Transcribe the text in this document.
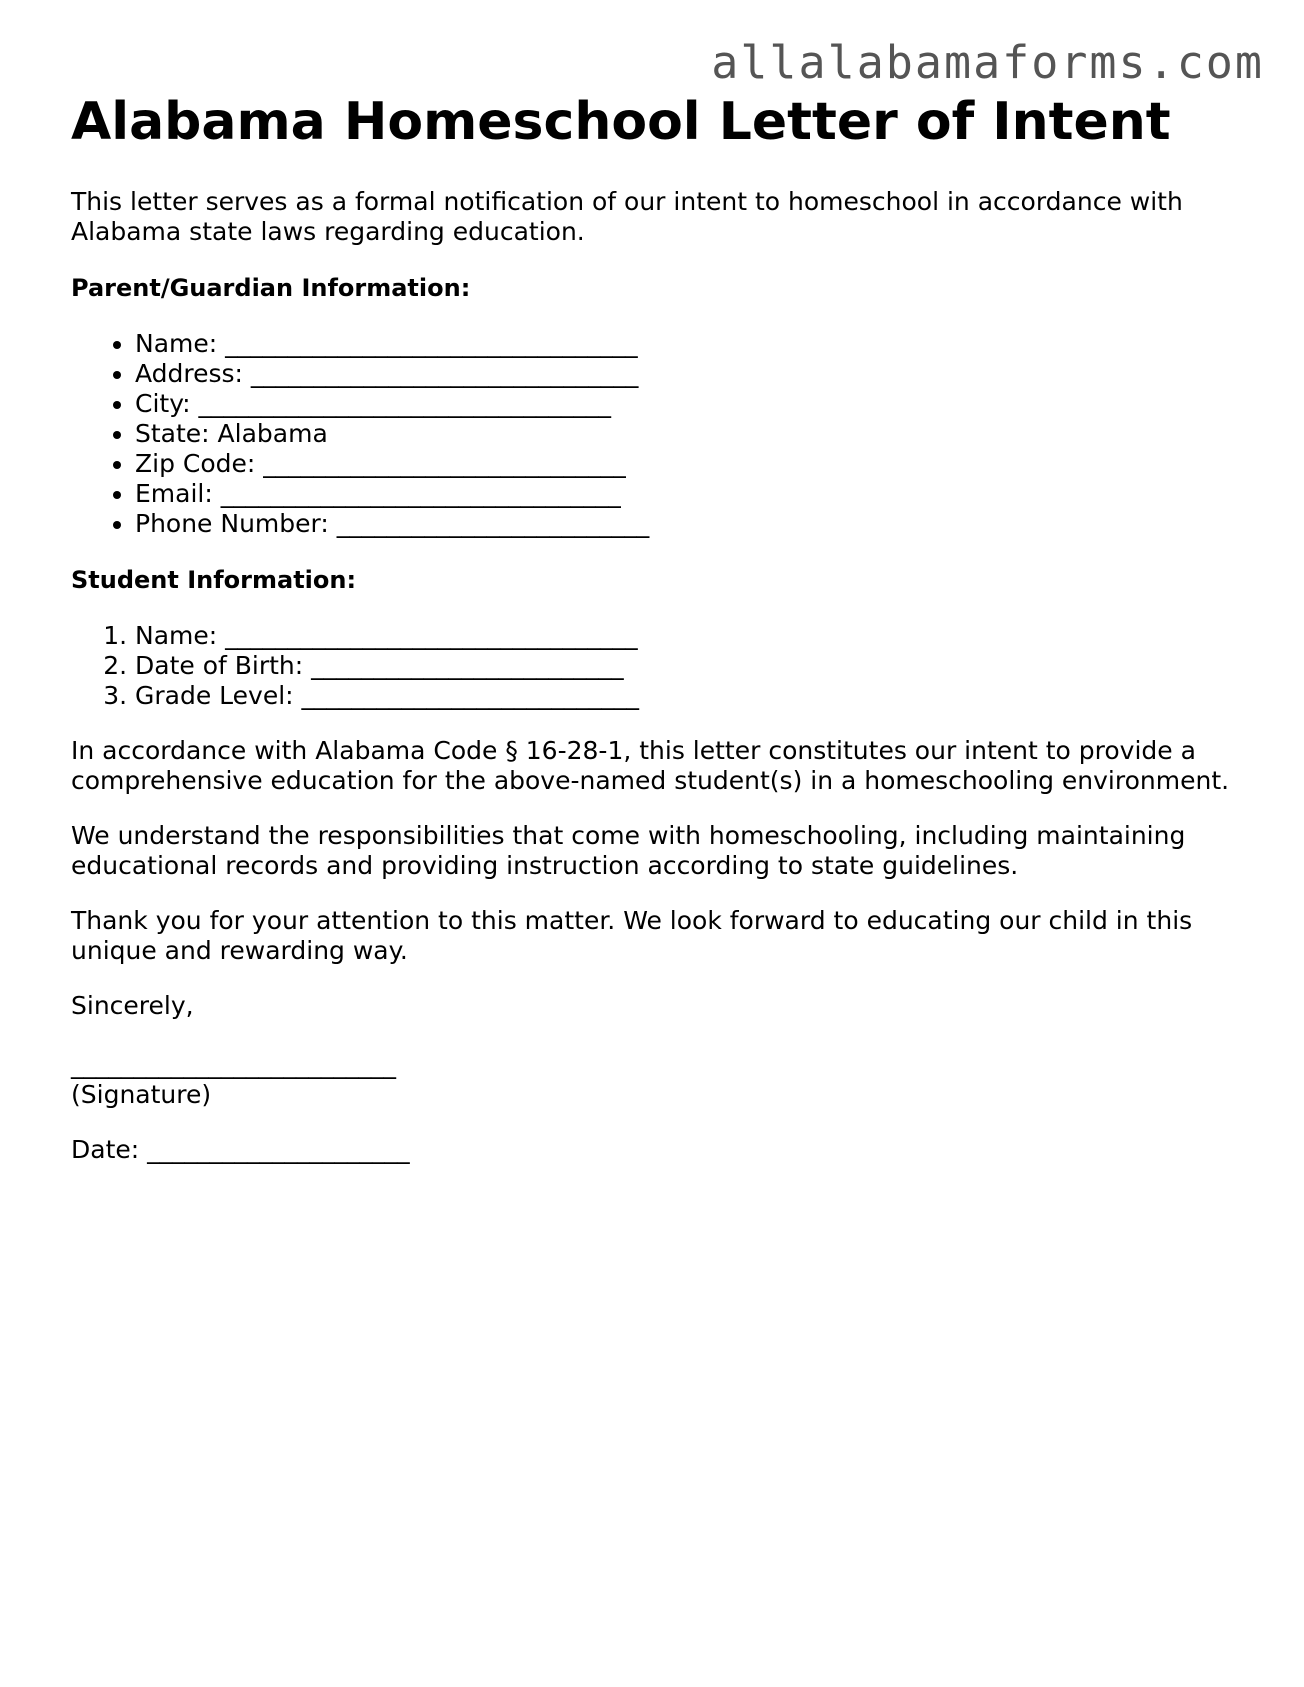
allalabamaforms.com
Alabama Homeschool Letter of Intent

This letter serves as a formal notification of our intent to homeschool in accordance with Alabama state laws regarding education.

Parent/Guardian Information:

• Name: _________________________________
• Address: _______________________________
• City: _________________________________
• State: Alabama
• Zip Code: _____________________________
• Email: ________________________________
• Phone Number: _________________________

Student Information:

1. Name: _________________________________
2. Date of Birth: _________________________
3. Grade Level: ___________________________

In accordance with Alabama Code § 16-28-1, this letter constitutes our intent to provide a comprehensive education for the above-named student(s) in a homeschooling environment.

We understand the responsibilities that come with homeschooling, including maintaining educational records and providing instruction according to state guidelines.

Thank you for your attention to this matter. We look forward to educating our child in this unique and rewarding way.

Sincerely,

__________________________

(Signature)

Date: _____________________
